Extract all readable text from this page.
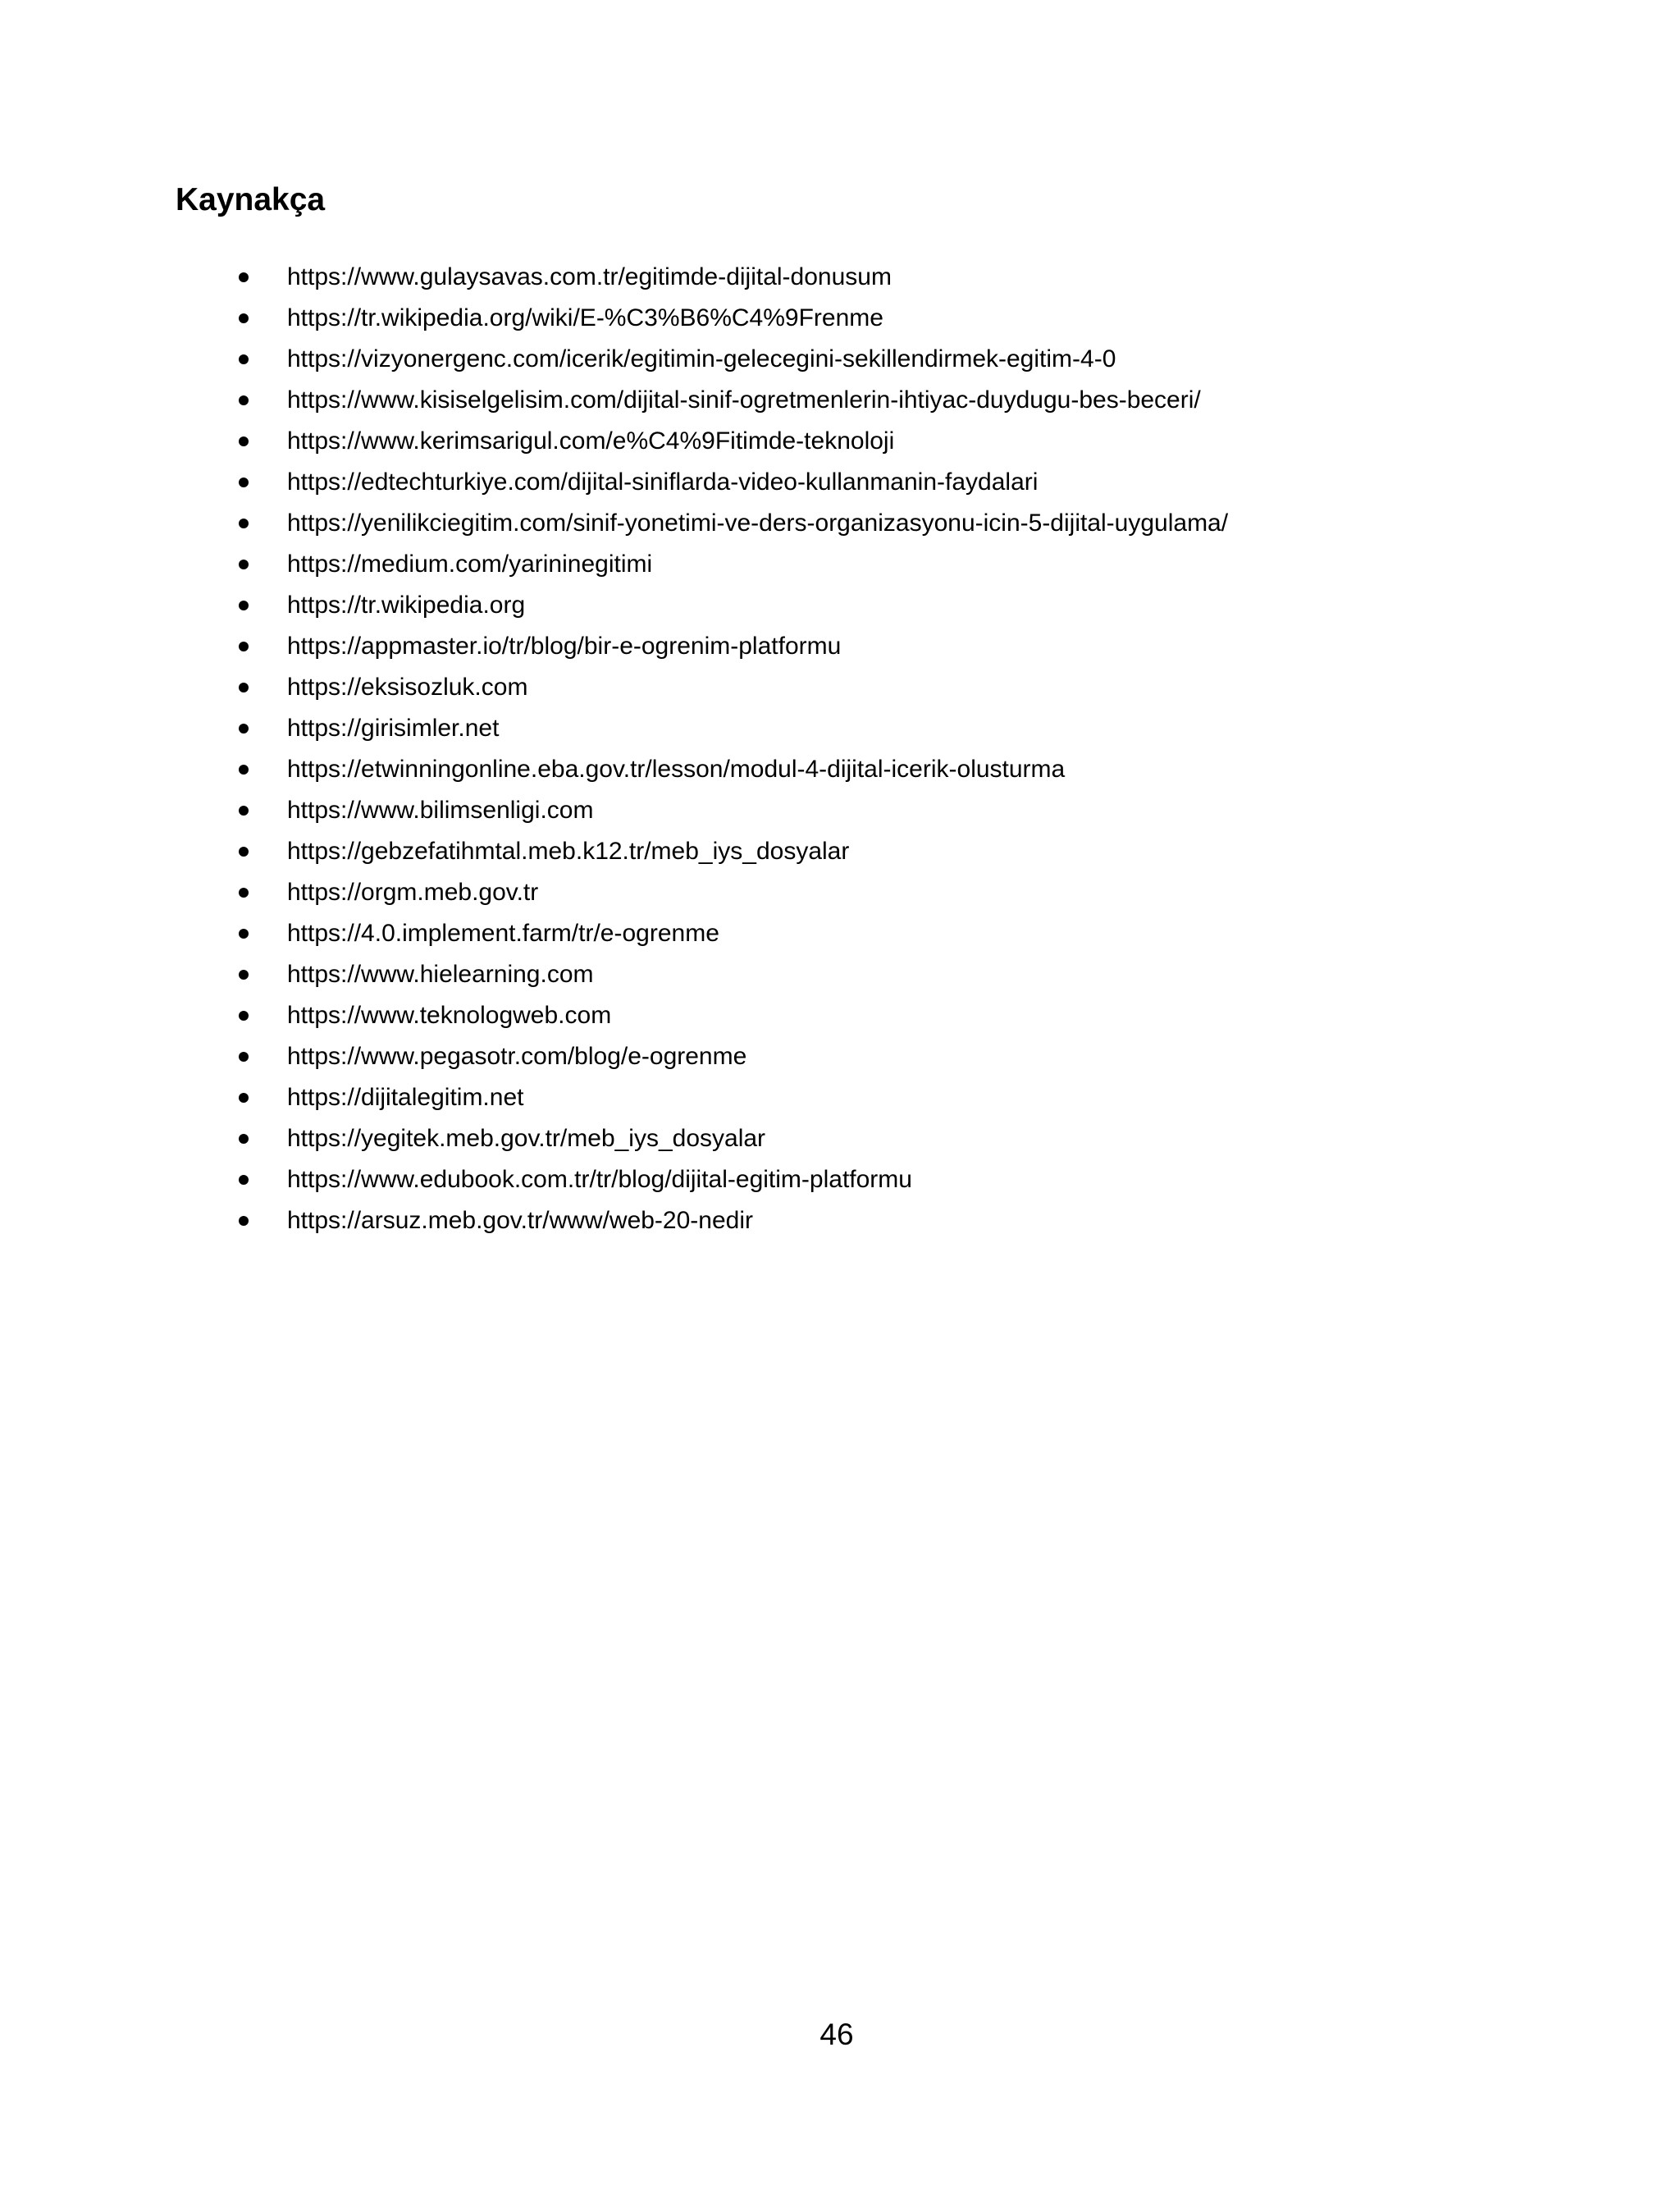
Kaynakça
https://www.gulaysavas.com.tr/egitimde-dijital-donusum
https://tr.wikipedia.org/wiki/E-%C3%B6%C4%9Frenme
https://vizyonergenc.com/icerik/egitimin-gelecegini-sekillendirmek-egitim-4-0
https://www.kisiselgelisim.com/dijital-sinif-ogretmenlerin-ihtiyac-duydugu-bes-beceri/
https://www.kerimsarigul.com/e%C4%9Fitimde-teknoloji
https://edtechturkiye.com/dijital-siniflarda-video-kullanmanin-faydalari
https://yenilikciegitim.com/sinif-yonetimi-ve-ders-organizasyonu-icin-5-dijital-uygulama/
https://medium.com/yarininegitimi
https://tr.wikipedia.org
https://appmaster.io/tr/blog/bir-e-ogrenim-platformu
https://eksisozluk.com
https://girisimler.net
https://etwinningonline.eba.gov.tr/lesson/modul-4-dijital-icerik-olusturma
https://www.bilimsenligi.com
https://gebzefatihmtal.meb.k12.tr/meb_iys_dosyalar
https://orgm.meb.gov.tr
https://4.0.implement.farm/tr/e-ogrenme
https://www.hielearning.com
https://www.teknologweb.com
https://www.pegasotr.com/blog/e-ogrenme
https://dijitalegitim.net
https://yegitek.meb.gov.tr/meb_iys_dosyalar
https://www.edubook.com.tr/tr/blog/dijital-egitim-platformu
https://arsuz.meb.gov.tr/www/web-20-nedir
46
